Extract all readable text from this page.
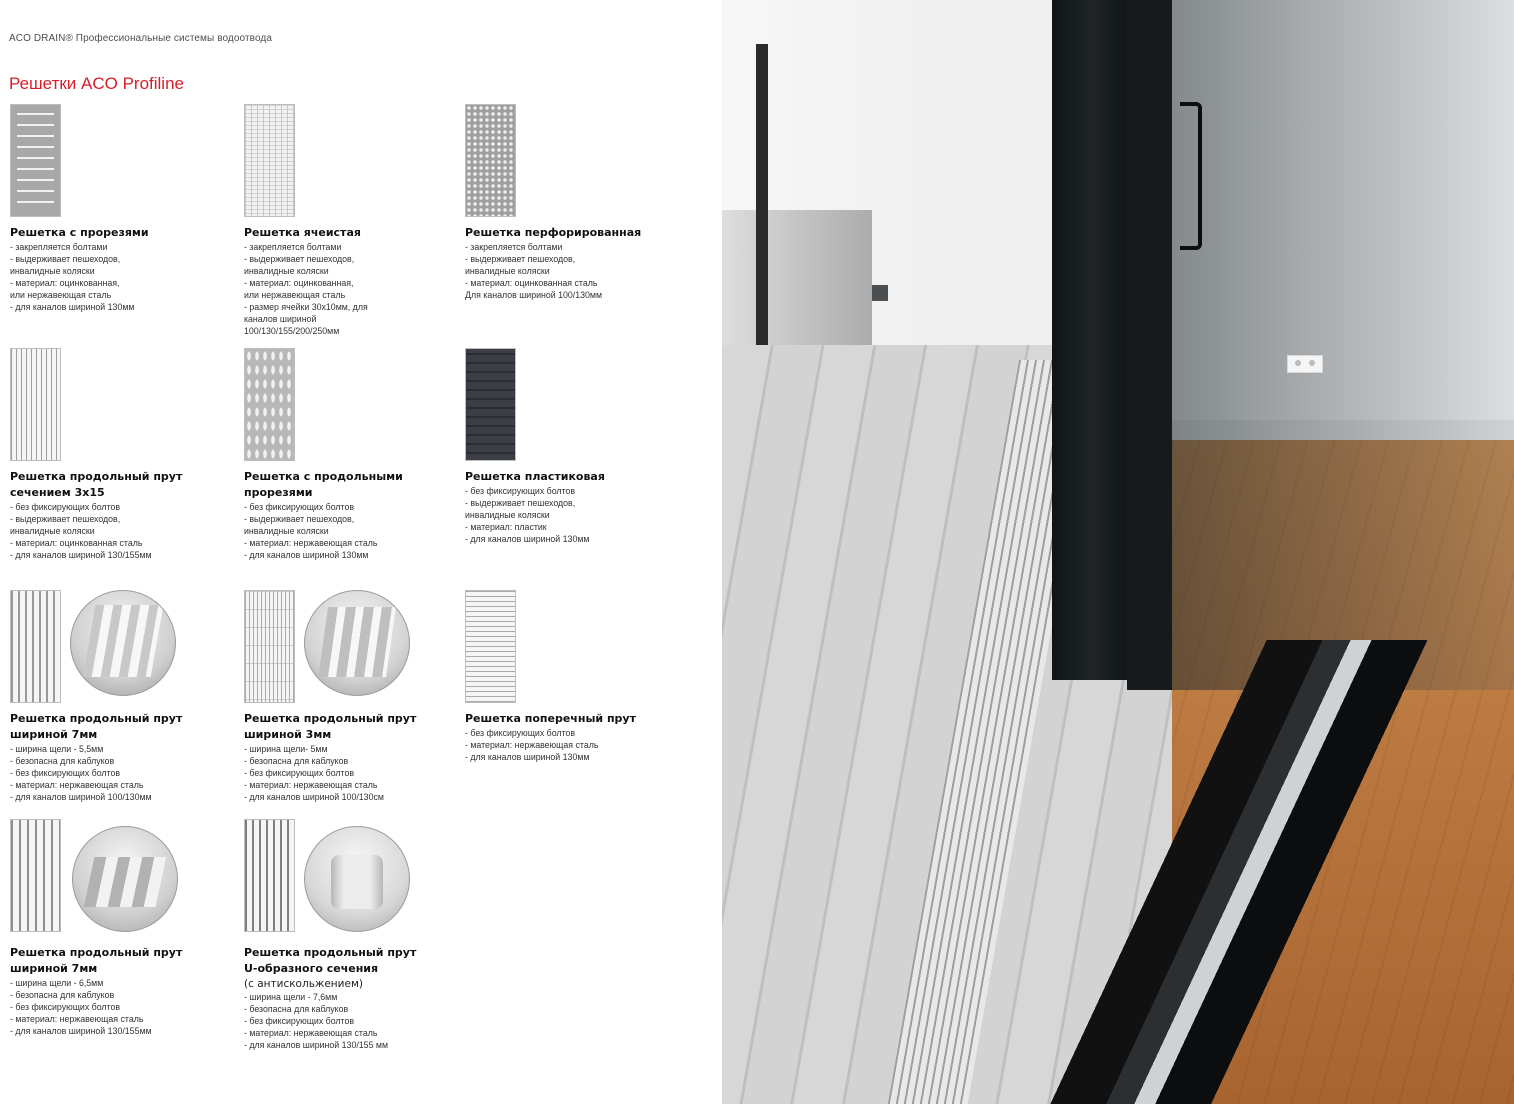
ACO DRAIN® Профессиональные системы водоотвода
Решетки ACO Profiline
Решетка с прорезями
- закрепляется болтами
- выдерживает пешеходов,
инвалидные коляски
- материал: оцинкованная,
или нержавеющая сталь
- для каналов шириной 130мм
Решетка ячеистая
- закрепляется болтами
- выдерживает пешеходов,
инвалидные коляски
- материал: оцинкованная,
или нержавеющая сталь
- размер ячейки 30x10мм, для
каналов шириной
100/130/155/200/250мм
Решетка перфорированная
- закрепляется болтами
- выдерживает пешеходов,
инвалидные коляски
- материал: оцинкованная сталь
Для каналов шириной 100/130мм
Решетка продольный прут
сечением 3x15
- без фиксирующих болтов
- выдерживает пешеходов,
инвалидные коляски
- материал: оцинкованная сталь
- для каналов шириной 130/155мм
Решетка с продольными
прорезями
- без фиксирующих болтов
- выдерживает пешеходов,
инвалидные коляски
- материал: нержавеющая сталь
- для каналов шириной 130мм
Решетка пластиковая
- без фиксирующих болтов
- выдерживает пешеходов,
инвалидные коляски
- материал: пластик
- для каналов шириной 130мм
Решетка продольный прут
шириной 7мм
- ширина щели - 5,5мм
- безопасна для каблуков
- без фиксирующих болтов
- материал: нержавеющая сталь
- для каналов шириной 100/130мм
Решетка продольный прут
шириной 3мм
- ширина щели- 5мм
- безопасна для каблуков
- без фиксирующих болтов
- материал: нержавеющая сталь
- для каналов шириной 100/130см
Решетка поперечный прут
- без фиксирующих болтов
- материал: нержавеющая сталь
- для каналов шириной 130мм
Решетка продольный прут
шириной 7мм
- ширина щели - 6,5мм
- безопасна для каблуков
- без фиксирующих болтов
- материал: нержавеющая сталь
- для каналов шириной 130/155мм
Решетка продольный прут
U-образного сечения
(с антискольжением)
- ширина щели - 7,6мм
- безопасна для каблуков
- без фиксирующих болтов
- материал: нержавеющая сталь
- для каналов шириной 130/155 мм
